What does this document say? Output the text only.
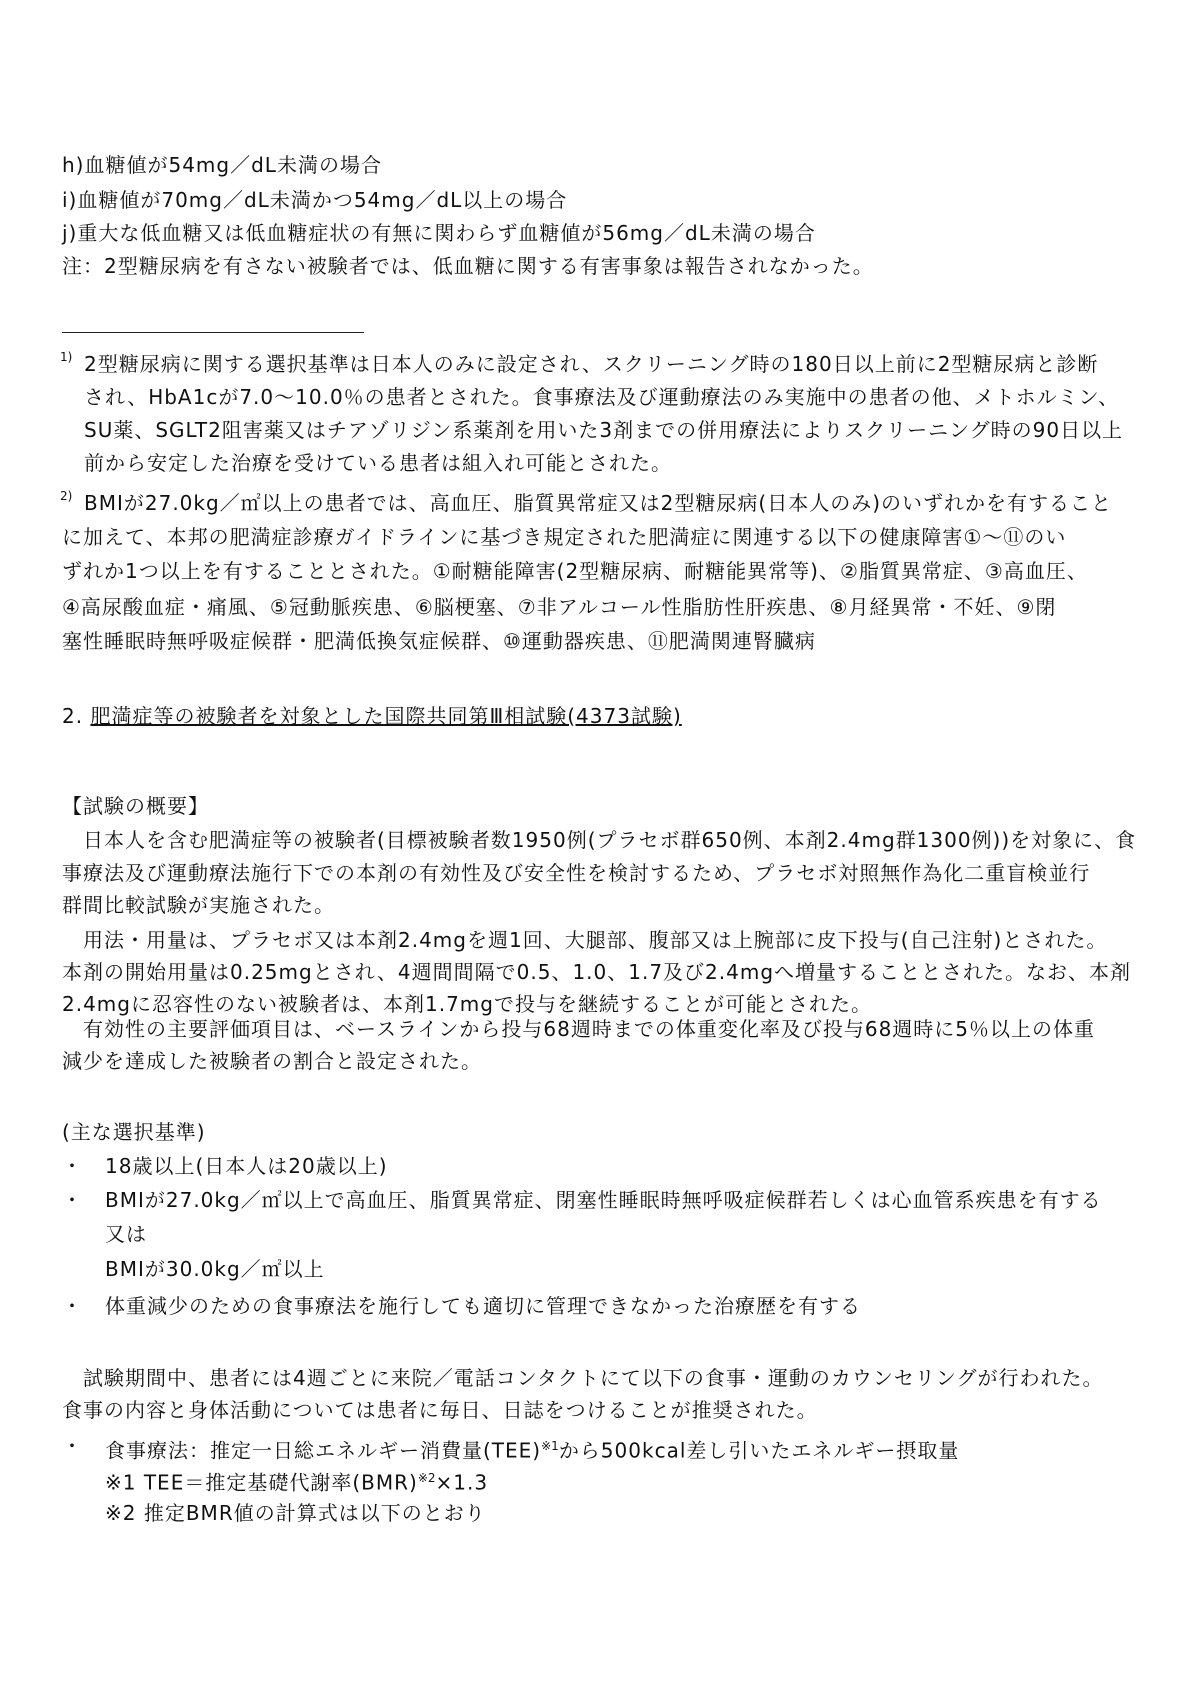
h)血糖値が54mg／dL未満の場合
i)血糖値が70mg／dL未満かつ54mg／dL以上の場合
j)重大な低血糖又は低血糖症状の有無に関わらず血糖値が56mg／dL未満の場合
注：2型糖尿病を有さない被験者では、低血糖に関する有害事象は報告されなかった。
1) 2型糖尿病に関する選択基準は日本人のみに設定され、スクリーニング時の180日以上前に2型糖尿病と診断
され、HbA1cが7.0～10.0％の患者とされた。食事療法及び運動療法のみ実施中の患者の他、メトホルミン、
SU薬、SGLT2阻害薬又はチアゾリジン系薬剤を用いた3剤までの併用療法によりスクリーニング時の90日以上
前から安定した治療を受けている患者は組入れ可能とされた。
2) BMIが27.0kg／㎡以上の患者では、高血圧、脂質異常症又は2型糖尿病(日本人のみ)のいずれかを有すること
に加えて、本邦の肥満症診療ガイドラインに基づき規定された肥満症に関連する以下の健康障害①～⑪のい
ずれか1つ以上を有することとされた。①耐糖能障害(2型糖尿病、耐糖能異常等)、②脂質異常症、③高血圧、
④高尿酸血症・痛風、⑤冠動脈疾患、⑥脳梗塞、⑦非アルコール性脂肪性肝疾患、⑧月経異常・不妊、⑨閉
塞性睡眠時無呼吸症候群・肥満低換気症候群、⑩運動器疾患、⑪肥満関連腎臓病
2. 肥満症等の被験者を対象とした国際共同第Ⅲ相試験(4373試験)
【試験の概要】
　日本人を含む肥満症等の被験者(目標被験者数1950例(プラセボ群650例、本剤2.4mg群1300例))を対象に、食
事療法及び運動療法施行下での本剤の有効性及び安全性を検討するため、プラセボ対照無作為化二重盲検並行
群間比較試験が実施された。
　用法・用量は、プラセボ又は本剤2.4mgを週1回、大腿部、腹部又は上腕部に皮下投与(自己注射)とされた。
本剤の開始用量は0.25mgとされ、4週間間隔で0.5、1.0、1.7及び2.4mgへ増量することとされた。なお、本剤
2.4mgに忍容性のない被験者は、本剤1.7mgで投与を継続することが可能とされた。
　有効性の主要評価項目は、ベースラインから投与68週時までの体重変化率及び投与68週時に5％以上の体重
減少を達成した被験者の割合と設定された。
(主な選択基準)
・ 18歳以上(日本人は20歳以上)
・ BMIが27.0kg／㎡以上で高血圧、脂質異常症、閉塞性睡眠時無呼吸症候群若しくは心血管系疾患を有する
又は
BMIが30.0kg／㎡以上
・ 体重減少のための食事療法を施行しても適切に管理できなかった治療歴を有する
　試験期間中、患者には4週ごとに来院／電話コンタクトにて以下の食事・運動のカウンセリングが行われた。
食事の内容と身体活動については患者に毎日、日誌をつけることが推奨された。
・ 食事療法：推定一日総エネルギー消費量(TEE)$^{※1}$から500kcal差し引いたエネルギー摂取量
※1 TEE＝推定基礎代謝率(BMR)$^{※2}$×1.3
※2 推定BMR値の計算式は以下のとおり
